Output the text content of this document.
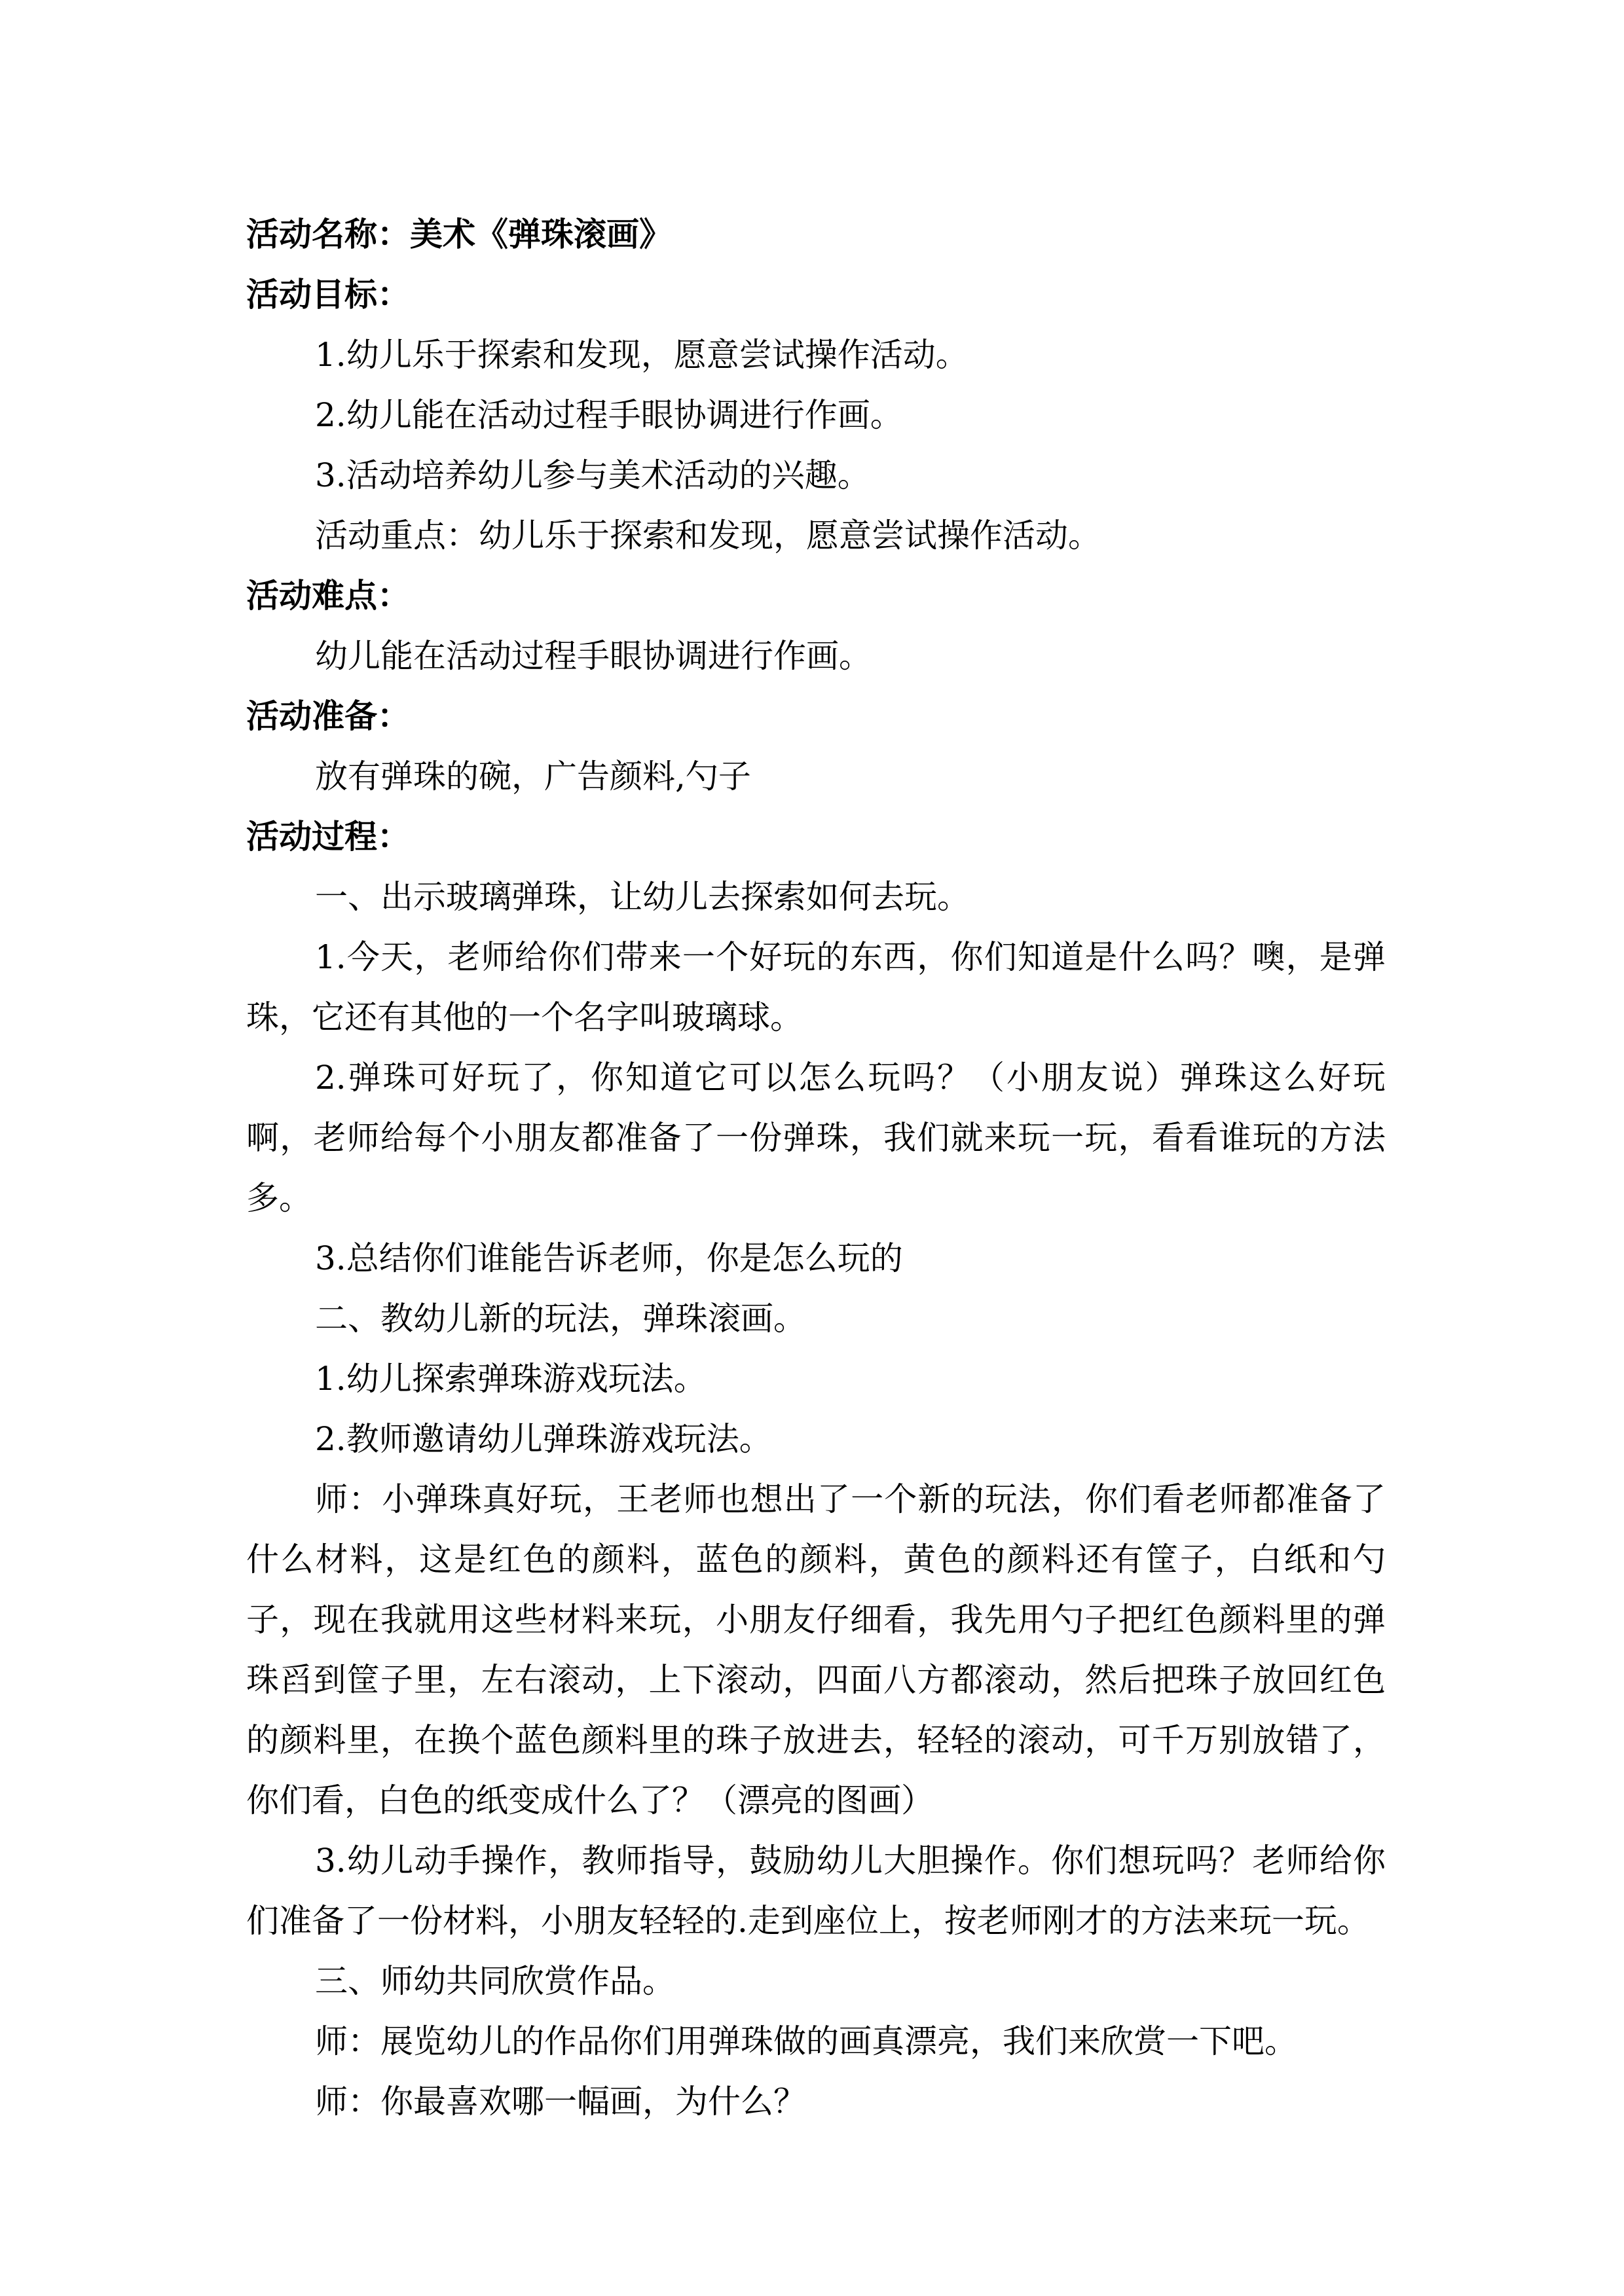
活动名称：美术《弹珠滚画》

活动目标：

1.幼儿乐于探索和发现，愿意尝试操作活动。

2.幼儿能在活动过程手眼协调进行作画。

3.活动培养幼儿参与美术活动的兴趣。

活动重点：幼儿乐于探索和发现，愿意尝试操作活动。

活动难点：

幼儿能在活动过程手眼协调进行作画。

活动准备：

放有弹珠的碗，广告颜料,勺子

活动过程：

一、出示玻璃弹珠，让幼儿去探索如何去玩。

1.今天，老师给你们带来一个好玩的东西，你们知道是什么吗？噢，是弹珠，它还有其他的一个名字叫玻璃球。

2.弹珠可好玩了，你知道它可以怎么玩吗？（小朋友说）弹珠这么好玩啊，老师给每个小朋友都准备了一份弹珠，我们就来玩一玩，看看谁玩的方法多。

3.总结你们谁能告诉老师，你是怎么玩的

二、教幼儿新的玩法，弹珠滚画。

1.幼儿探索弹珠游戏玩法。

2.教师邀请幼儿弹珠游戏玩法。

师：小弹珠真好玩，王老师也想出了一个新的玩法，你们看老师都准备了什么材料，这是红色的颜料，蓝色的颜料，黄色的颜料还有筐子，白纸和勺子，现在我就用这些材料来玩，小朋友仔细看，我先用勺子把红色颜料里的弹珠舀到筐子里，左右滚动，上下滚动，四面八方都滚动，然后把珠子放回红色的颜料里，在换个蓝色颜料里的珠子放进去，轻轻的滚动，可千万别放错了，你们看，白色的纸变成什么了？（漂亮的图画）

3.幼儿动手操作，教师指导，鼓励幼儿大胆操作。你们想玩吗？老师给你们准备了一份材料，小朋友轻轻的.走到座位上，按老师刚才的方法来玩一玩。

三、师幼共同欣赏作品。

师：展览幼儿的作品你们用弹珠做的画真漂亮，我们来欣赏一下吧。

师：你最喜欢哪一幅画，为什么？
